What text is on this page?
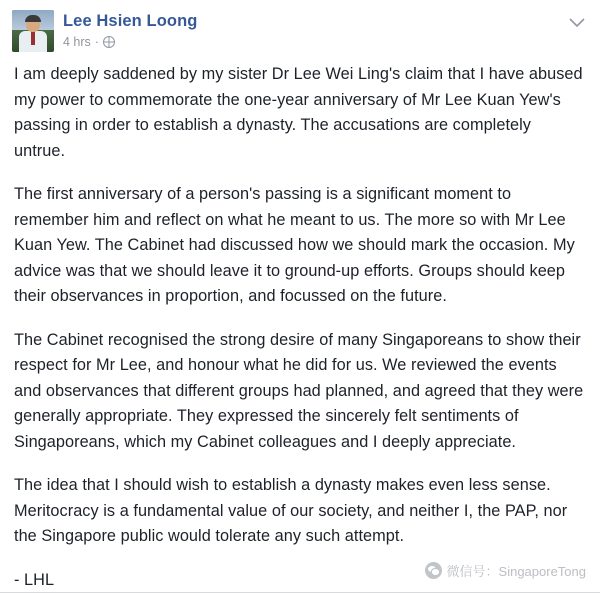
Lee Hsien Loong
4 hrs ·

I am deeply saddened by my sister Dr Lee Wei Ling's claim that I have abused my power to commemorate the one-year anniversary of Mr Lee Kuan Yew's passing in order to establish a dynasty. The accusations are completely untrue.

The first anniversary of a person's passing is a significant moment to remember him and reflect on what he meant to us. The more so with Mr Lee Kuan Yew. The Cabinet had discussed how we should mark the occasion. My advice was that we should leave it to ground-up efforts. Groups should keep their observances in proportion, and focussed on the future.

The Cabinet recognised the strong desire of many Singaporeans to show their respect for Mr Lee, and honour what he did for us. We reviewed the events and observances that different groups had planned, and agreed that they were generally appropriate. They expressed the sincerely felt sentiments of Singaporeans, which my Cabinet colleagues and I deeply appreciate.

The idea that I should wish to establish a dynasty makes even less sense. Meritocracy is a fundamental value of our society, and neither I, the PAP, nor the Singapore public would tolerate any such attempt.

- LHL	微信号：SingaporeTong
